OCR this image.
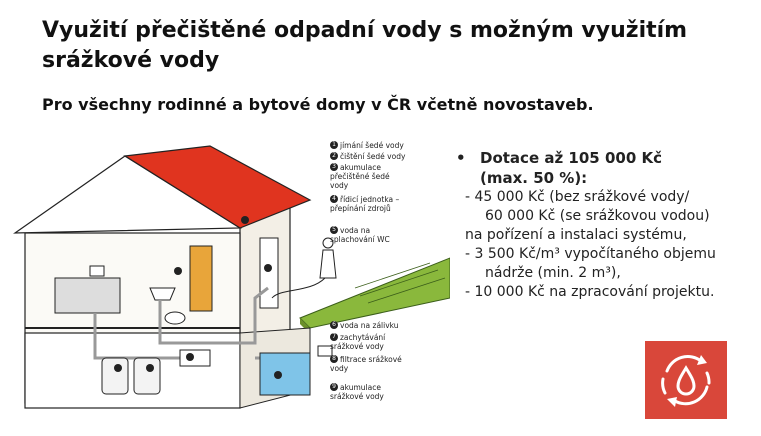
Využití přečištěné odpadní vody s možným využitím srážkové vody
Pro všechny rodinné a bytové domy v ČR včetně novostaveb.
1 jímání šedé vody
2 čištění šedé vody
3 akumulace přečištěné šedé vody
4 řídicí jednotka – přepínání zdrojů
5 voda na splachování WC
6 voda na zálivku
7 zachytávání srážkové vody
8 filtrace srážkové vody
9 akumulace srážkové vody
• Dotace až 105 000 Kč
(max. 50 %):
- 45 000 Kč (bez srážkové vody/
60 000 Kč (se srážkovou vodou)
na pořízení a instalaci systému,
- 3 500 Kč/m³ vypočítaného objemu
nádrže (min. 2 m³),
- 10 000 Kč na zpracování projektu.
